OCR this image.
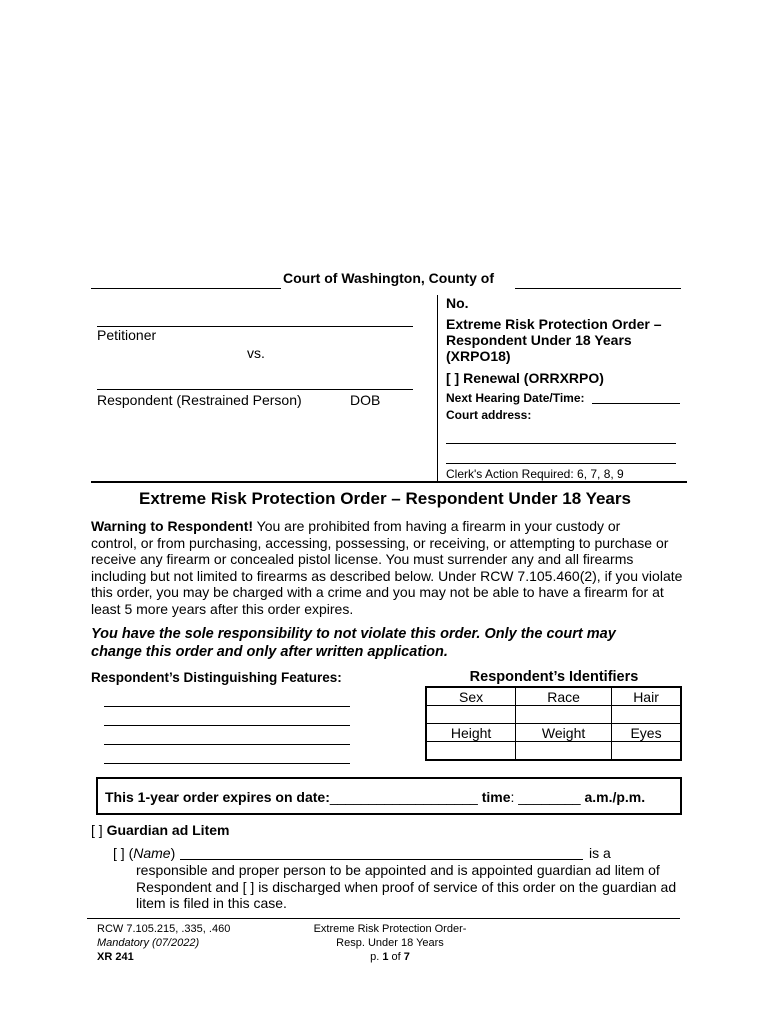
Court of Washington, County of
Petitioner
vs.
Respondent (Restrained Person)	DOB
No.
Extreme Risk Protection Order –
Respondent Under 18 Years
(XRPO18)
[ ] Renewal (ORRXRPO)
Next Hearing Date/Time:
Court address:
Clerk's Action Required: 6, 7, 8, 9
Extreme Risk Protection Order – Respondent Under 18 Years
Warning to Respondent! You are prohibited from having a firearm in your custody or
control, or from purchasing, accessing, possessing, or receiving, or attempting to purchase or
receive any firearm or concealed pistol license. You must surrender any and all firearms
including but not limited to firearms as described below. Under RCW 7.105.460(2), if you violate
this order, you may be charged with a crime and you may not be able to have a firearm for at
least 5 more years after this order expires.
You have the sole responsibility to not violate this order. Only the court may
change this order and only after written application.
Respondent’s Distinguishing Features:	Respondent’s Identifiers
Sex	Race	Hair

Height	Weight	Eyes

This 1-year order expires on date:___________________ time: ________ a.m./p.m.
[ ] Guardian ad Litem
[ ] (Name)	is a
responsible and proper person to be appointed and is appointed guardian ad litem of
Respondent and [ ] is discharged when proof of service of this order on the guardian ad
litem is filed in this case.
RCW 7.105.215, .335, .460
Mandatory (07/2022)
XR 241
Extreme Risk Protection Order-
Resp. Under 18 Years
p. 1 of 7
